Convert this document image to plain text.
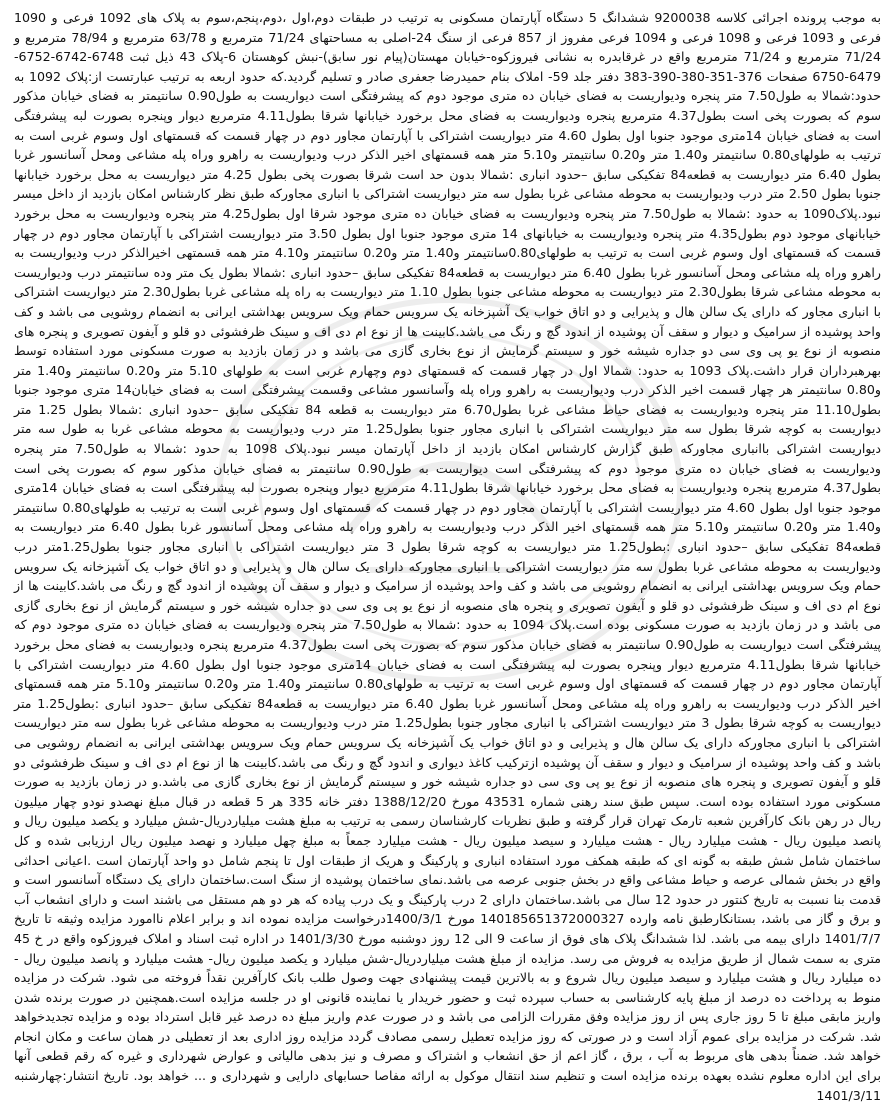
به موجب پرونده اجرائی کلاسه 9200038 ششدانگ 5 دستگاه آپارتمان مسکونی به ترتیب در طبقات دوم،اول ،دوم،پنجم،سوم به پلاک های 1092 فرعی و 1090 فرعی و 1093 فرعی و 1098 فرعی و 1094 فرعی مفروز از 857 فرعی از سنگ 24-اصلی به مساحتهای 71/24 مترمربع و 63/78 مترمربع و 78/94 مترمربع و 71/24 مترمربع و 71/24 مترمربع واقع در غرقابدره به نشانی فیروزکوه-خیابان مهستان(پیام نور سابق)-نبش کوهستان 6-پلاک 43 ذیل ثبت 6748-6742-6752-6479-6750 صفحات 376-351-380-390-383 دفتر جلد 59- املاک بنام حمیدرضا جعفری صادر و تسلیم گردید.که حدود اربعه به ترتیب عبارتست از:پلاک 1092 به حدود:شمالا به طول7.50 متر پنجره ودیواریست به فضای خیابان ده متری موجود دوم که پیشرفتگی است دیواریست به طول0.90 سانتیمتر به فضای خیابان مذکور سوم که بصورت پخی است بطول4.37 مترمربع پنجره ودیواریست به فضای محل برخورد خیابانها شرقا بطول4.11 مترمربع دیوار وپنجره بصورت لبه پیشرفتگی است به فضای خیابان 14متری موجود جنوبا اول بطول 4.60 متر دیواریست اشتراکی با آپارتمان مجاور دوم در چهار قسمت که قسمتهای اول وسوم غربی است به ترتیب به طولهای0.80 سانتیمتر و1.40 متر و0.20 سانتیمتر و5.10 متر همه قسمتهای اخیر الذکر درب ودیواریست به راهرو وراه پله مشاعی ومحل آسانسور غربا بطول 6.40 متر دیواریست به قطعه84 تفکیکی سابق –حدود انباری :شمالا بدون حد است شرقا بصورت پخی بطول 4.25 متر دیواریست به محل برخورد خیابانها جنوبا بطول 2.50 متر درب ودیواریست به محوطه مشاعی غربا بطول سه متر دیواریست اشتراکی با انباری مجاورکه طبق نظر کارشناس امکان بازدید از داخل میسر نبود.پلاک1090 به حدود :شمالا به طول7.50 متر پنجره ودیواریست به فضای خیابان ده متری موجود شرقا اول بطول4.25 متر پنجره ودیواریست به محل برخورد خیابانهای موجود دوم بطول4.35 متر پنجره ودیواریست به خیابانهای 14 متری موجود جنوبا اول بطول 3.50 متر دیواریست اشتراکی با آپارتمان مجاور دوم در چهار قسمت که قسمتهای اول وسوم غربی است به ترتیب به طولهای0.80سانتیمتر و1.40 متر و0.20 سانتیمتر و4.10 متر همه قسمتهی اخیرالذکر درب ودیواریست به راهرو وراه پله مشاعی ومحل آسانسور غربا بطول 6.40 متر دیواریست به قطعه84 تفکیکی سابق –حدود انباری :شمالا بطول یک متر وده سانتیمتر درب ودیواریست به محوطه مشاعی شرقا بطول2.30 متر دیواریست به محوطه مشاعی جنوبا بطول 1.10 متر دیواریست به راه پله مشاعی غربا بطول2.30 متر دیواریست اشتراکی با انباری مجاور که دارای یک سالن هال و پذیرایی و دو اتاق خواب یک آشپزخانه یک سرویس حمام ویک سرویس بهداشتی ایرانی به انضمام روشویی می باشد و کف واحد پوشیده از سرامیک و دیوار و سقف آن پوشیده از اندود گچ و رنگ می باشد.کابینت ها از نوع ام دی اف و سینک ظرفشوئی دو قلو و آیفون تصویری و پنجره های منصوبه از نوع یو پی وی سی دو جداره شیشه خور و سیستم گرمایش از نوع بخاری گازی می باشد و در زمان بازدید به صورت مسکونی مورد استفاده توسط بهرهبرداران قرار داشت.پلاک 1093 به حدود: شمالا اول در چهار قسمت که قسمتهای دوم وچهارم غربی است به طولهای 5.10 متر و0.20 سانتیمتر و1.40 متر و0.80 سانتیمتر هر چهار قسمت اخیر الذکر درب ودیواریست به راهرو وراه پله وآسانسور مشاعی وقسمت پیشرفتگی است به فضای خیابان14 متری موجود جنوبا بطول11.10 متر پنجره ودیواریست به فضای حیاط مشاعی غربا بطول6.70 متر دیواریست به قطعه 84 تفکیکی سابق –حدود انباری :شمالا بطول 1.25 متر دیواریست به کوچه شرقا بطول سه متر دیواریست اشتراکی با انباری مجاور جنوبا بطول1.25 متر درب ودیواریست به محوطه مشاعی غربا به طول سه متر دیواریست اشتراکی باانباری مجاورکه طبق گزارش کارشناس امکان بازدید از داخل آپارتمان میسر نبود.پلاک 1098 به حدود :شمالا به طول7.50 متر پنجره ودیواریست به فضای خیابان ده متری موجود دوم که پیشرفتگی است دیواریست به طول0.90 سانتیمتر به فضای خیابان مذکور سوم که بصورت پخی است بطول4.37 مترمربع پنجره ودیواریست به فضای محل برخورد خیابانها شرقا بطول4.11 مترمربع دیوار وپنجره بصورت لبه پیشرفتگی است به فضای خیابان 14متری موجود جنوبا اول بطول 4.60 متر دیواریست اشتراکی با آپارتمان مجاور دوم در چهار قسمت که قسمتهای اول وسوم غربی است به ترتیب به طولهای0.80 سانتیمتر و1.40 متر و0.20 سانتیمتر و5.10 متر همه قسمتهای اخیر الذکر درب ودیواریست به راهرو وراه پله مشاعی ومحل آسانسور غربا بطول 6.40 متر دیواریست به قطعه84 تفکیکی سابق –حدود انباری :بطول1.25 متر دیواریست به کوچه شرقا بطول 3 متر دیواریست اشتراکی با انباری مجاور جنوبا بطول1.25متر درب ودیواریست به محوطه مشاعی غربا بطول سه متر دیواریست اشتراکی با انباری مجاورکه دارای یک سالن هال و پذیرایی و دو اتاق خواب یک آشپزخانه یک سرویس حمام ویک سرویس بهداشتی ایرانی به انضمام روشویی می باشد و کف واحد پوشیده از سرامیک و دیوار و سقف آن پوشیده از اندود گچ و رنگ می باشد.کابینت ها از نوع ام دی اف و سینک ظرفشوئی دو قلو و آیفون تصویری و پنجره های منصوبه از نوع یو پی وی سی دو جداره شیشه خور و سیستم گرمایش از نوع بخاری گازی می باشد و در زمان بازدید به صورت مسکونی بوده است.پلاک 1094 به حدود :شمالا به طول7.50 متر پنجره ودیواریست به فضای خیابان ده متری موجود دوم که پیشرفتگی است دیواریست به طول0.90 سانتیمتر به فضای خیابان مذکور سوم که بصورت پخی است بطول4.37 مترمربع پنجره ودیواریست به فضای محل برخورد خیابانها شرقا بطول4.11 مترمربع دیوار وپنجره بصورت لبه پیشرفتگی است به فضای خیابان 14متری موجود جنوبا اول بطول 4.60 متر دیواریست اشتراکی با آپارتمان مجاور دوم در چهار قسمت که قسمتهای اول وسوم غربی است به ترتیب به طولهای0.80 سانتیمتر و1.40 متر و0.20 سانتیمتر و5.10 متر همه قسمتهای اخیر الذکر درب ودیواریست به راهرو وراه پله مشاعی ومحل آسانسور غربا بطول 6.40 متر دیواریست به قطعه84 تفکیکی سابق –حدود انباری :بطول1.25 متر دیواریست به کوچه شرقا بطول 3 متر دیواریست اشتراکی با انباری مجاور جنوبا بطول1.25 متر درب ودیواریست به محوطه مشاعی غربا بطول سه متر دیواریست اشتراکی با انباری مجاورکه دارای یک سالن هال و پذیرایی و دو اتاق خواب یک آشپزخانه یک سرویس حمام ویک سرویس بهداشتی ایرانی به انضمام روشویی می باشد و کف واحد پوشیده از سرامیک و دیوار و سقف آن پوشیده ازترکیب کاغذ دیواری و اندود گچ و رنگ می باشد.کابینت ها از نوع ام دی اف و سینک ظرفشوئی دو قلو و آیفون تصویری و پنجره های منصوبه از نوع یو پی وی سی دو جداره شیشه خور و سیستم گرمایش از نوع بخاری گازی می باشد.و در زمان بازدید به صورت مسکونی مورد استفاده بوده است. سپس طبق سند رهنی شماره 43531 مورخ 1388/12/20 دفتر خانه 335 هر 5 قطعه در قبال مبلغ نهصدو نودو چهار میلیون ریال در رهن بانک کارآفرین شعبه تارمک تهران قرار گرفته و طبق نظریات کارشناسان رسمی به ترتیب به مبلغ هشت میلیاردریال-شش میلیارد و یکصد میلیون ریال و پانصد میلیون ریال - هشت میلیارد ریال - هشت میلیارد و سیصد میلیون ریال - هشت میلیارد جمعاً به مبلغ چهل میلیارد و نهصد میلیون ریال ارزیابی شده و کل ساختمان شامل شش طبقه به گونه ای که طبقه همکف مورد استفاده انباری و پارکینگ و هریک از طبقات اول تا پنجم شامل دو واحد آپارتمان است .اعیانی احداثی واقع در بخش شمالی عرصه و حیاط مشاعی واقع در بخش جنوبی عرصه می باشد.نمای ساختمان پوشیده از سنگ است.ساختمان دارای یک دستگاه آسانسور است و قدمت بنا نسبت به تاریخ کنتور در حدود 12 سال می باشد.ساختمان دارای 2 درب پارکینگ و یک درب پیاده که هر دو هم مستقل می باشند است و دارای انشعاب آب و برق و گاز می باشد، بستانکارطبق نامه وارده 140185651372000327 مورخ 1400/3/1درخواست مزایده نموده اند و برابر اعلام ناامورد مزایده وثیقه تا تاریخ 1401/7/7 دارای بیمه می باشد. لذا ششدانگ پلاک های فوق از ساعت 9 الی 12 روز دوشنبه مورخ 1401/3/30 در اداره ثبت اسناد و املاک فیروزکوه واقع در خ 45 متری به سمت شمال از طریق مزایده به فروش می رسد. مزایده از مبلغ هشت میلیاردریال-شش میلیارد و یکصد میلیون ریال- هشت میلیارد و پانصد میلیون ریال - ده میلیارد ریال و هشت میلیارد و سیصد میلیون ریال شروع و به بالاترین قیمت پیشنهادی جهت وصول طلب بانک کارآفرین نقداً فروخته می شود. شرکت در مزایده منوط به پرداخت ده درصد از مبلغ پایه کارشناسی به حساب سپرده ثبت و حضور خریدار یا نماینده قانونی او در جلسه مزایده است.همچنین در صورت برنده شدن واریز مابقی مبلغ تا 5 روز جاری پس از روز مزایده وفق مقررات الزامی می باشد و در صورت عدم واریز مبلغ ده درصد غیر قابل استرداد بوده و مزایده تجدیدخواهد شد. شرکت در مزایده برای عموم آزاد است و در صورتی که روز مزایده تعطیل رسمی مصادف گردد مزایده روز اداری بعد از تعطیلی در همان ساعت و مکان انجام خواهد شد. ضمناً بدهی های مربوط به آب ، برق ، گاز اعم از حق انشعاب و اشتراک و مصرف و نیز بدهی مالیاتی و عوارض شهرداری و غیره که رقم قطعی آنها برای این اداره معلوم نشده بعهده برنده مزایده است و تنظیم سند انتقال موکول به ارائه مفاصا حسابهای دارایی و شهرداری و ... خواهد بود. تاریخ انتشار:چهارشنبه 1401/3/11
